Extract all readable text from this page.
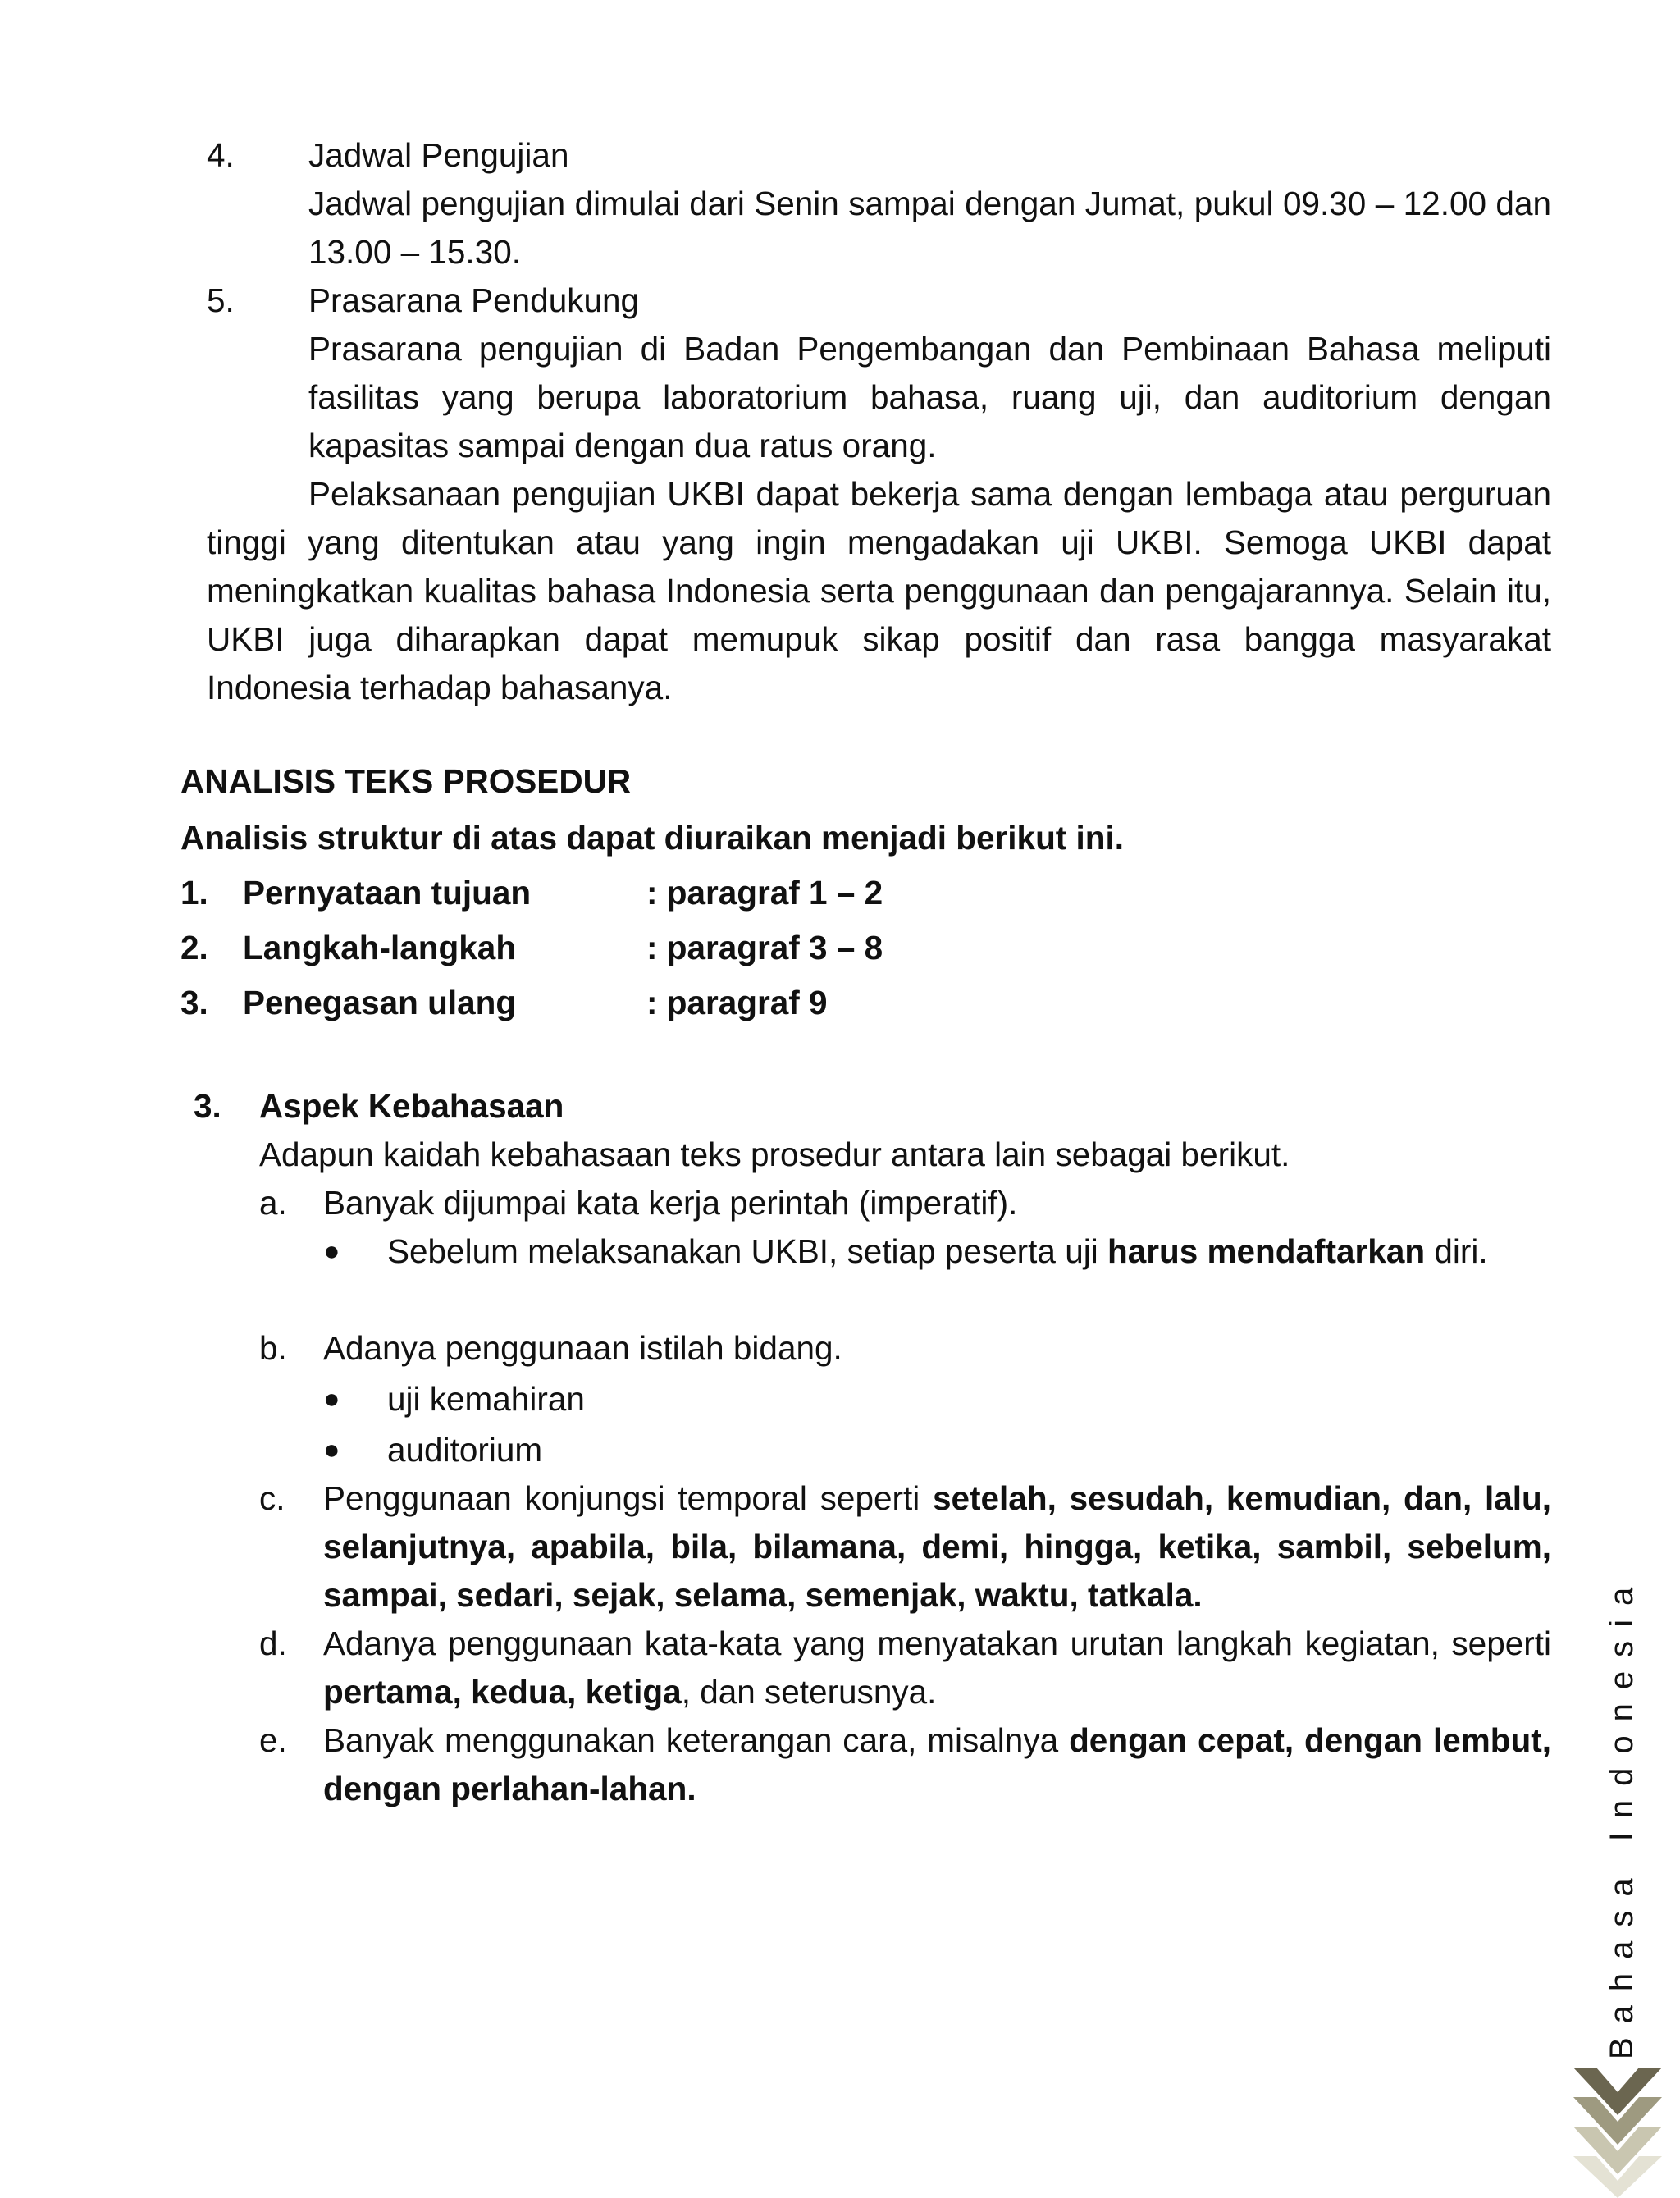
4. Jadwal Pengujian
Jadwal pengujian dimulai dari Senin sampai dengan Jumat, pukul 09.30 – 12.00 dan 13.00 – 15.30.
5. Prasarana Pendukung
Prasarana pengujian di Badan Pengembangan dan Pembinaan Bahasa meliputi fasilitas yang berupa laboratorium bahasa, ruang uji, dan auditorium dengan kapasitas sampai dengan dua ratus orang.
Pelaksanaan pengujian UKBI dapat bekerja sama dengan lembaga atau perguruan tinggi yang ditentukan atau yang ingin mengadakan uji UKBI. Semoga UKBI dapat meningkatkan kualitas bahasa Indonesia serta penggunaan dan pengajarannya. Selain itu, UKBI juga diharapkan dapat memupuk sikap positif dan rasa bangga masyarakat Indonesia terhadap bahasanya.
ANALISIS TEKS PROSEDUR
Analisis struktur di atas dapat diuraikan menjadi berikut ini.
1. Pernyataan tujuan	: paragraf 1 – 2
2. Langkah-langkah	: paragraf 3 – 8
3. Penegasan ulang	: paragraf 9
3. Aspek Kebahasaan
Adapun kaidah kebahasaan teks prosedur antara lain sebagai berikut.
a. Banyak dijumpai kata kerja perintah (imperatif).
● Sebelum melaksanakan UKBI, setiap peserta uji harus mendaftarkan diri.
b. Adanya penggunaan istilah bidang.
● uji kemahiran
● auditorium
c. Penggunaan konjungsi temporal seperti setelah, sesudah, kemudian, dan, lalu, selanjutnya, apabila, bila, bilamana, demi, hingga, ketika, sambil, sebelum, sampai, sedari, sejak, selama, semenjak, waktu, tatkala.
d. Adanya penggunaan kata-kata yang menyatakan urutan langkah kegiatan, seperti pertama, kedua, ketiga, dan seterusnya.
e. Banyak menggunakan keterangan cara, misalnya dengan cepat, dengan lembut, dengan perlahan-lahan.	Bahasa Indonesia
